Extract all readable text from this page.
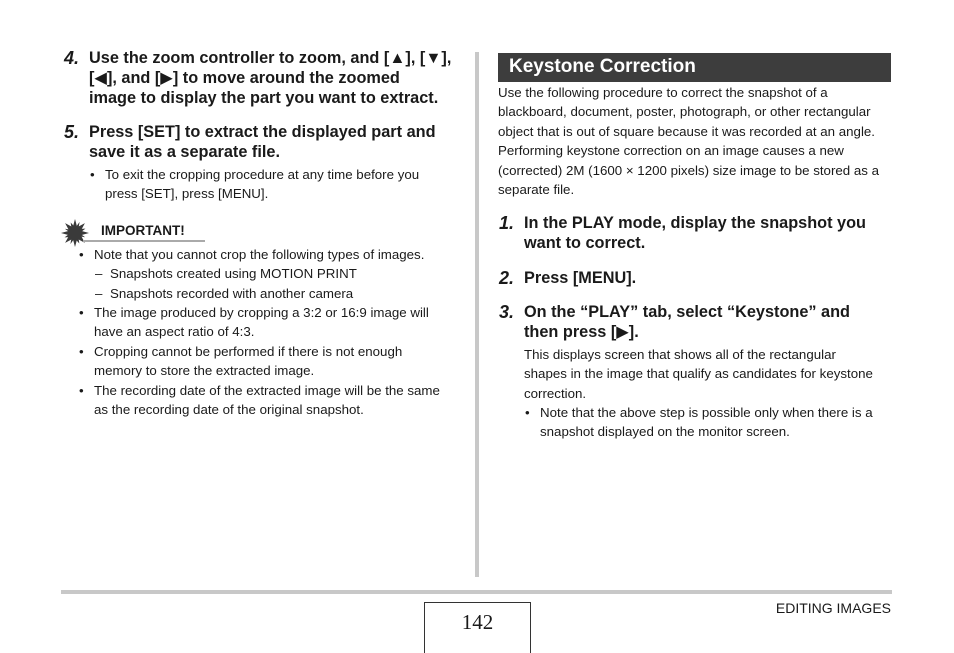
4. Use the zoom controller to zoom, and [▲], [▼],
[◀], and [▶] to move around the zoomed
image to display the part you want to extract.
5. Press [SET] to extract the displayed part and
save it as a separate file.
• To exit the cropping procedure at any time before you
press [SET], press [MENU].
IMPORTANT!
• Note that you cannot crop the following types of images.
– Snapshots created using MOTION PRINT
– Snapshots recorded with another camera
• The image produced by cropping a 3:2 or 16:9 image will
have an aspect ratio of 4:3.
• Cropping cannot be performed if there is not enough
memory to store the extracted image.
• The recording date of the extracted image will be the same
as the recording date of the original snapshot.
Keystone Correction
Use the following procedure to correct the snapshot of a
blackboard, document, poster, photograph, or other rectangular
object that is out of square because it was recorded at an angle.
Performing keystone correction on an image causes a new
(corrected) 2M (1600 × 1200 pixels) size image to be stored as a
separate file.
1. In the PLAY mode, display the snapshot you
want to correct.
2. Press [MENU].
3. On the “PLAY” tab, select “Keystone” and
then press [▶].
This displays screen that shows all of the rectangular
shapes in the image that qualify as candidates for keystone
correction.
• Note that the above step is possible only when there is a
snapshot displayed on the monitor screen.
142
EDITING IMAGES
